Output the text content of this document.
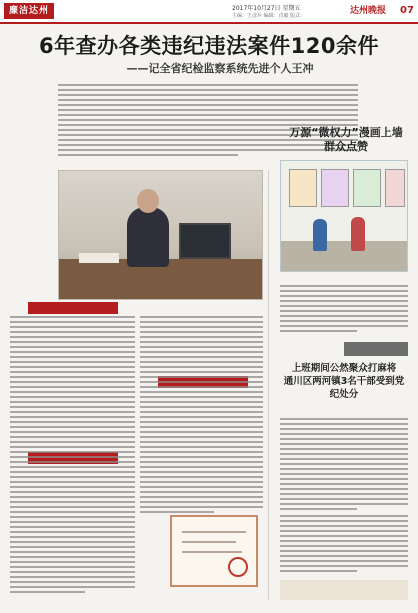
廉洁达州	2017年10月27日 星期五
主编：王彦兵 编辑：肖毅 版式：	达州晚报	07
6年查办各类违纪违法案件120余件
——记全省纪检监察系统先进个人王冲
万源“微权力”漫画上墙
群众点赞
上班期间公然聚众打麻将
通川区两河镇3名干部受到党纪处分
